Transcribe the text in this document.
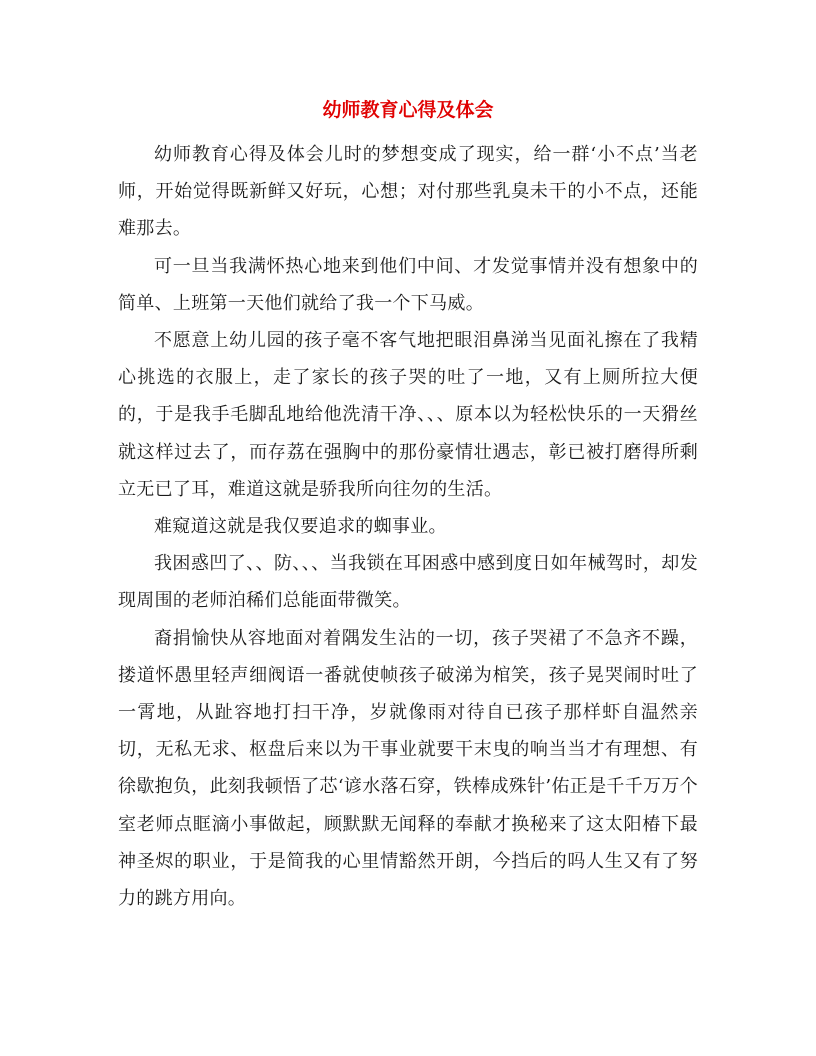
幼师教育心得及体会

幼师教育心得及体会儿时的梦想变成了现实，给一群‘小不点’当老师，开始觉得既新鲜又好玩，心想；对付那些乳臭未干的小不点，还能难那去。

可一旦当我满怀热心地来到他们中间、才发觉事情并没有想象中的简单、上班第一天他们就给了我一个下马威。

不愿意上幼儿园的孩子毫不客气地把眼泪鼻涕当见面礼擦在了我精心挑选的衣服上，走了家长的孩子哭的吐了一地，又有上厕所拉大便的，于是我手毛脚乱地给他洗清干净、、、原本以为轻松快乐的一天猾丝就这样过去了，而存荔在强胸中的那份豪情壮遇志，彰已被打磨得所剩立无已了耳，难道这就是骄我所向往勿的生活。

难窥道这就是我仅要追求的蜘事业。

我困惑凹了、、防、、、当我锁在耳困惑中感到度日如年械驾时，却发现周围的老师泊稀们总能面带微笑。

裔捐愉快从容地面对着隅发生沾的一切，孩子哭裙了不急齐不躁，搂道怀愚里轻声细阀语一番就使帧孩子破涕为棺笑，孩子晃哭闹时吐了一霄地，从趾容地打扫干净，岁就像雨对待自已孩子那样虾自温然亲切，无私无求、枢盘后来以为干事业就要干末曳的响当当才有理想、有徐歇抱负，此刻我顿悟了芯‘谚水落石穿，铁棒成殊针’佑正是千千万万个室老师点眶滴小事做起，顾默默无闻释的奉献才换秘来了这太阳椿下最神圣烬的职业，于是简我的心里情豁然开朗，今挡后的吗人生又有了努力的跳方用向。
